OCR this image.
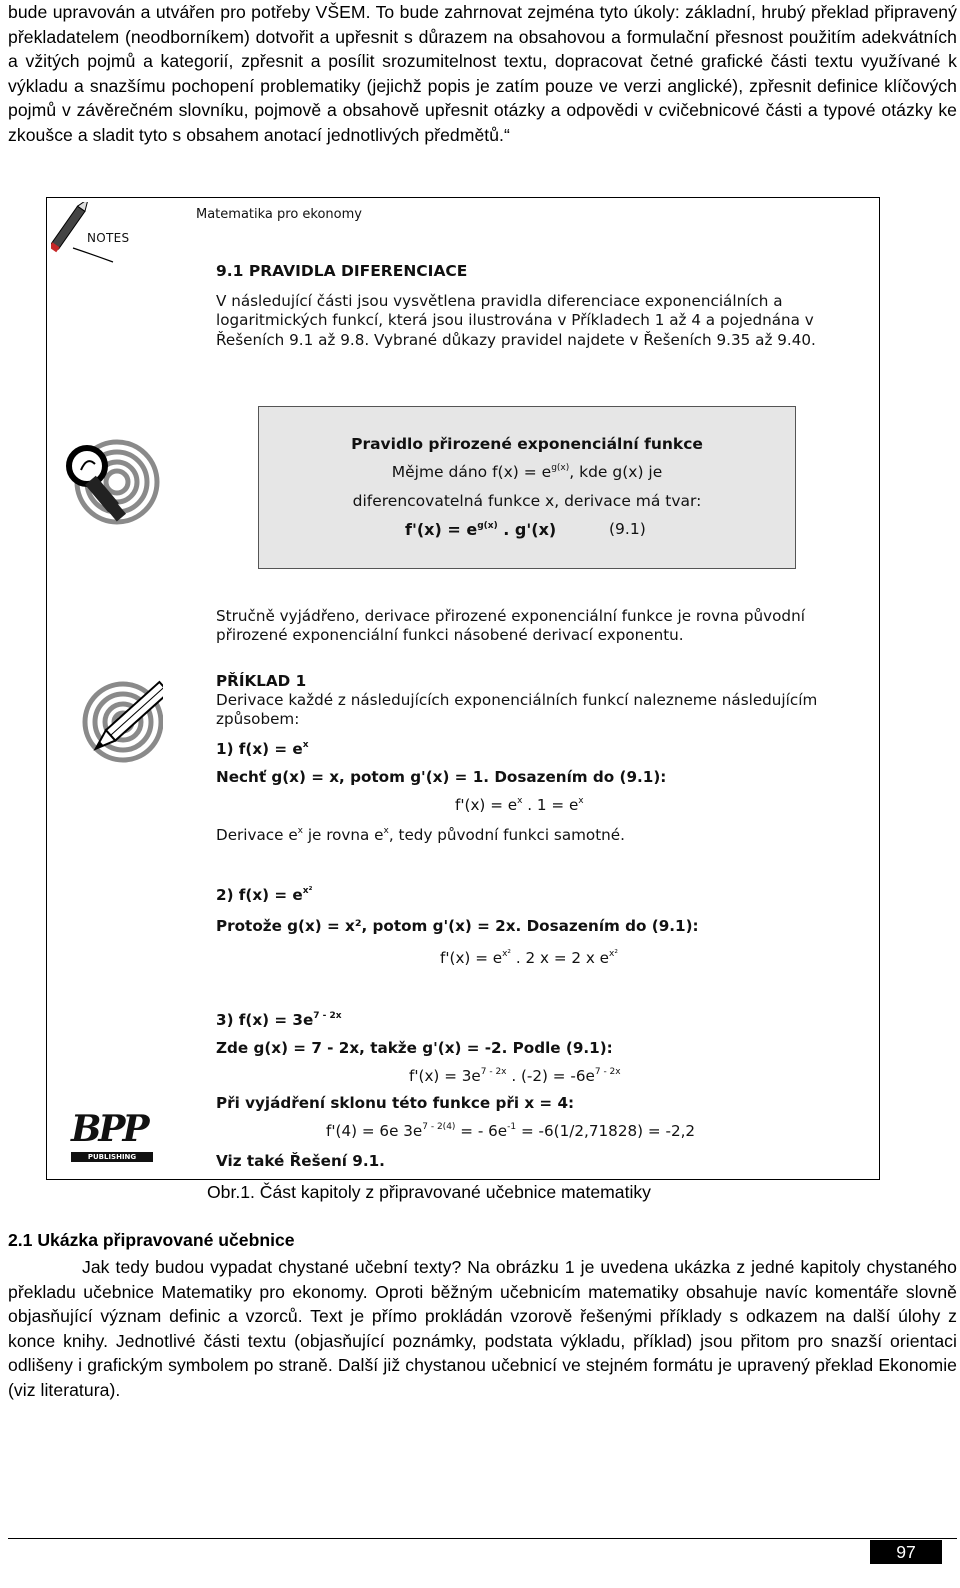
bude upravován a utvářen pro potřeby VŠEM. To bude zahrnovat zejména tyto úkoly: základní, hrubý překlad připravený překladatelem (neodborníkem) dotvořit a upřesnit s důrazem na obsahovou a formulační přesnost použitím adekvátních a vžitých pojmů a kategorií, zpřesnit a posílit srozumitelnost textu, dopracovat četné grafické části textu využívané k výkladu a snazšímu pochopení problematiky (jejichž popis je zatím pouze ve verzi anglické), zpřesnit definice klíčových pojmů v závěrečném slovníku, pojmově a obsahově upřesnit otázky a odpovědi v cvičebnicové části a typové otázky ke zkoušce a sladit tyto s obsahem anotací jednotlivých předmětů.“
Matematika pro ekonomy
NOTES
9.1 PRAVIDLA DIFERENCIACE
V následující části jsou vysvětlena pravidla diferenciace exponenciálních a logaritmických funkcí, která jsou ilustrována v Příkladech 1 až 4 a pojednána v Řešeních 9.1 až 9.8. Vybrané důkazy pravidel najdete v Řešeních 9.35 až 9.40.
Pravidlo přirozené exponenciální funkce
Mějme dáno $f(x) = e^{g(x)}$, kde g(x) je
diferencovatelná funkce x, derivace má tvar:
$f'(x) = e^{g(x)}$ . g'(x)	(9.1)
Stručně vyjádřeno, derivace přirozené exponenciální funkce je rovna původní přirozené exponenciální funkci násobené derivací exponentu.
PŘÍKLAD 1
Derivace každé z následujících exponenciálních funkcí nalezneme následujícím způsobem:
1) $f(x) = e^x$
Nechť g(x) = x, potom g'(x) = 1. Dosazením do (9.1):
$f'(x) = e^x$ . $1 = e^x$
Derivace $e^x$ je rovna $e^x$, tedy původní funkci samotné.
2) $f(x) = e^{x^2}$
Protože g(x) = x², potom g'(x) = 2x. Dosazením do (9.1):
$f'(x) = e^{x^2}$ . 2 x = 2 x $e^{x^2}$
3) $f(x) = 3e^{7 - 2x}$
Zde g(x) = 7 - 2x, takže g'(x) = -2. Podle (9.1):
$f'(x) = 3e^{7 - 2x}$ . $(-2) = -6e^{7 - 2x}$
Při vyjádření sklonu této funkce při x = 4:
f'(4) = 6e $3e^{7 - 2(4)}$ = - $6e^{-1} = -6(1/2,71828) = -2,2$
Viz také Řešení 9.1.
BPP
PUBLISHING
Obr.1. Část kapitoly z připravované učebnice matematiky
2.1 Ukázka připravované učebnice
Jak tedy budou vypadat chystané učební texty? Na obrázku 1 je uvedena ukázka z jedné kapitoly chystaného překladu učebnice Matematiky pro ekonomy. Oproti běžným učebnicím matematiky obsahuje navíc komentáře slovně objasňující význam definic a vzorců. Text je přímo prokládán vzorově řešenými příklady s odkazem na další úlohy z konce knihy. Jednotlivé části textu (objasňující poznámky, podstata výkladu, příklad) jsou přitom pro snazší orientaci odlišeny i grafickým symbolem po straně. Další již chystanou učebnicí ve stejném formátu je upravený překlad Ekonomie (viz literatura).
97
